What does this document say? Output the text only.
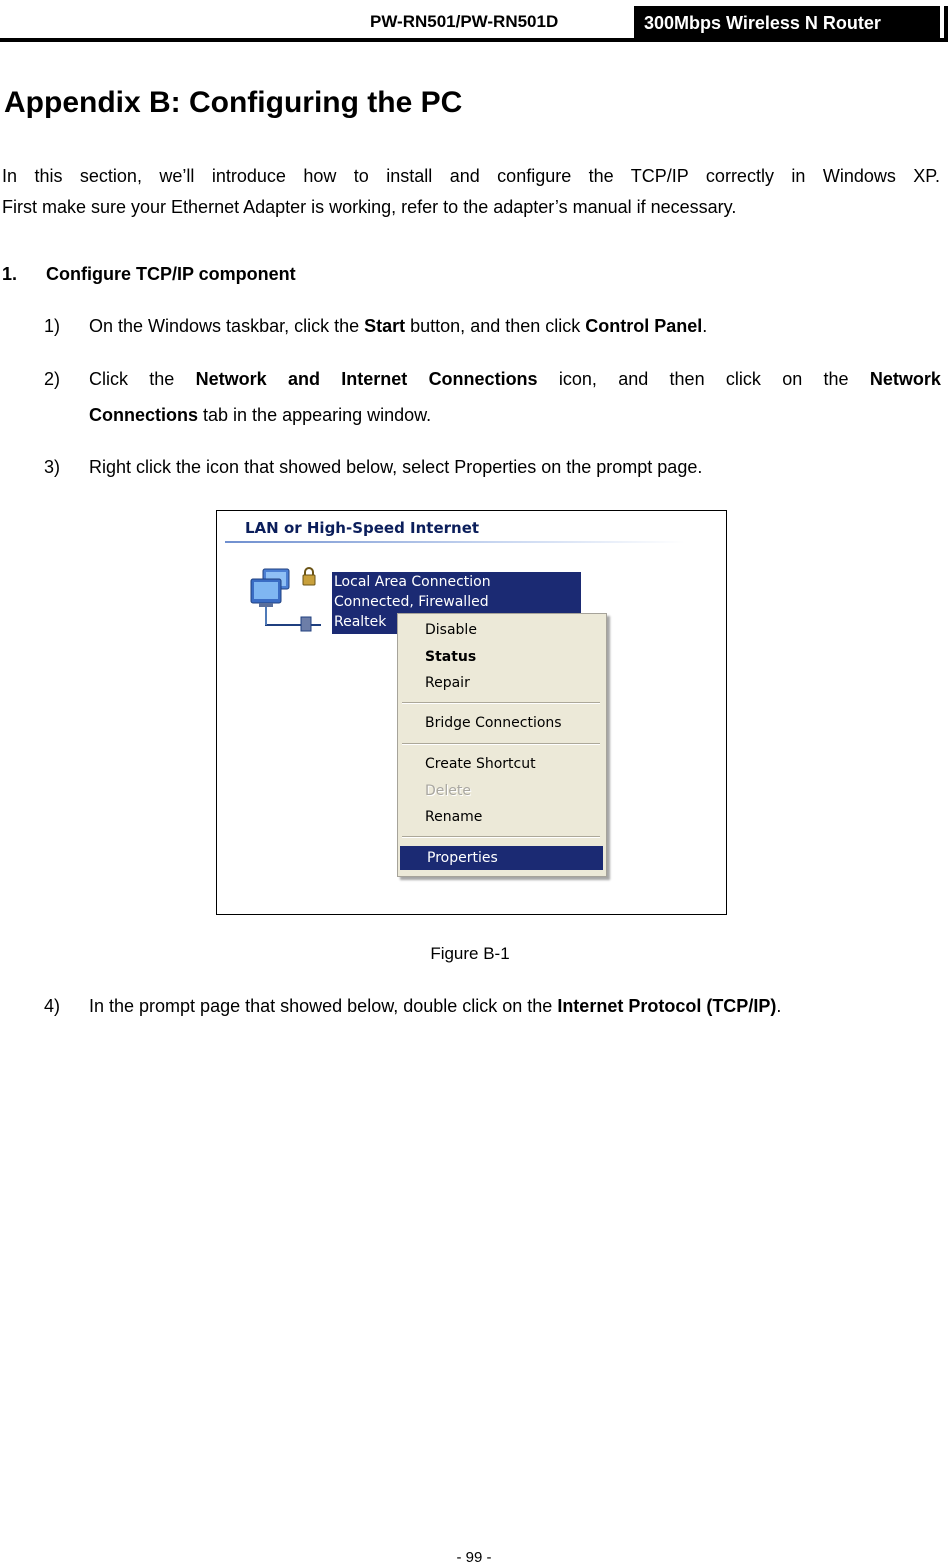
PW-RN501/PW-RN501D	300Mbps Wireless N Router
Appendix B: Configuring the PC
In this section, we’ll introduce how to install and configure the TCP/IP correctly in Windows XP.
First make sure your Ethernet Adapter is working, refer to the adapter’s manual if necessary.
1. Configure TCP/IP component
1) On the Windows taskbar, click the Start button, and then click Control Panel.
2) Click the Network and Internet Connections icon, and then click on the Network
Connections tab in the appearing window.
3) Right click the icon that showed below, select Properties on the prompt page.
LAN or High-Speed Internet
Local Area Connection
Connected, Firewalled
Realtek	Disable
Status
Repair
Bridge Connections
Create Shortcut
Delete
Rename
Properties
Figure B-1
4) In the prompt page that showed below, double click on the Internet Protocol (TCP/IP).
- 99 -
